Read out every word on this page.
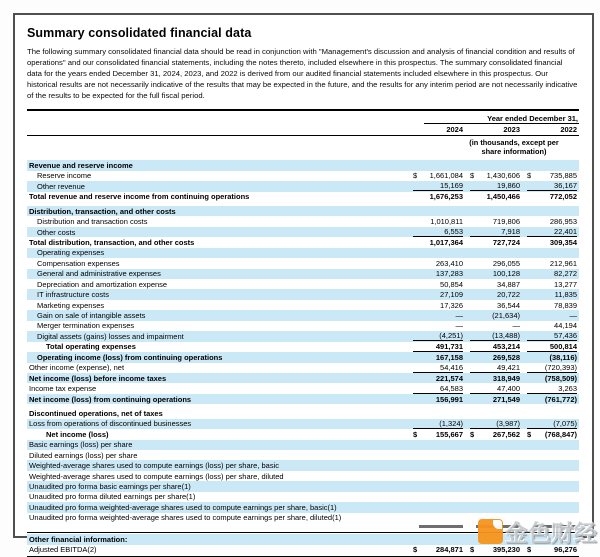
Summary consolidated financial data
The following summary consolidated financial data should be read in conjunction with "Management's discussion and analysis of financial condition and results of operations" and our consolidated financial statements, including the notes thereto, included elsewhere in this prospectus. The summary consolidated financial data for the years ended December 31, 2024, 2023, and 2022 is derived from our audited financial statements included elsewhere in this prospectus. Our historical results are not necessarily indicative of the results that may be expected in the future, and the results for any interim period are not necessarily indicative of the results to be expected for the full fiscal period.
Year ended December 31,
2024	2023	2022
(in thousands, except per
share information)
Revenue and reserve income
Reserve income	$ 1,661,084 $ 1,430,606 $ 735,885
Other revenue	15,169	19,860	36,167
Total revenue and reserve income from continuing operations	1,676,253	1,450,466	772,052
Distribution, transaction, and other costs
Distribution and transaction costs	1,010,811	719,806	286,953
Other costs	6,553	7,918	22,401
Total distribution, transaction, and other costs	1,017,364	727,724	309,354
Operating expenses
Compensation expenses	263,410	296,055	212,961
General and administrative expenses	137,283	100,128	82,272
Depreciation and amortization expense	50,854	34,887	13,277
IT infrastructure costs	27,109	20,722	11,835
Marketing expenses	17,326	36,544	78,839
Gain on sale of intangible assets	—	(21,634)	—
Merger termination expenses	—	—	44,194
Digital assets (gains) losses and impairment	(4,251)	(13,488)	57,436
Total operating expenses	491,731	453,214	500,814
Operating income (loss) from continuing operations	167,158	269,528	(38,116)
Other income (expense), net	54,416	49,421	(720,393)
Net income (loss) before income taxes	221,574	318,949	(758,509)
Income tax expense	64,583	47,400	3,263
Net income (loss) from continuing operations	156,991	271,549	(761,772)
Discontinued operations, net of taxes
Loss from operations of discontinued businesses	(1,324)	(3,987)	(7,075)
Net income (loss)	$ 155,667 $ 267,562 $ (768,847)
Basic earnings (loss) per share
Diluted earnings (loss) per share
Weighted-average shares used to compute earnings (loss) per share, basic
Weighted-average shares used to compute earnings (loss) per share, diluted
Unaudited pro forma basic earnings per share(1)
Unaudited pro forma diluted earnings per share(1)
Unaudited pro forma weighted-average shares used to compute earnings per share, basic(1)
Unaudited pro forma weighted-average shares used to compute earnings per share, diluted(1)
Other financial information:
Adjusted EBITDA(2)	$ 284,871 $ 395,230 $	96,276
金色财经
